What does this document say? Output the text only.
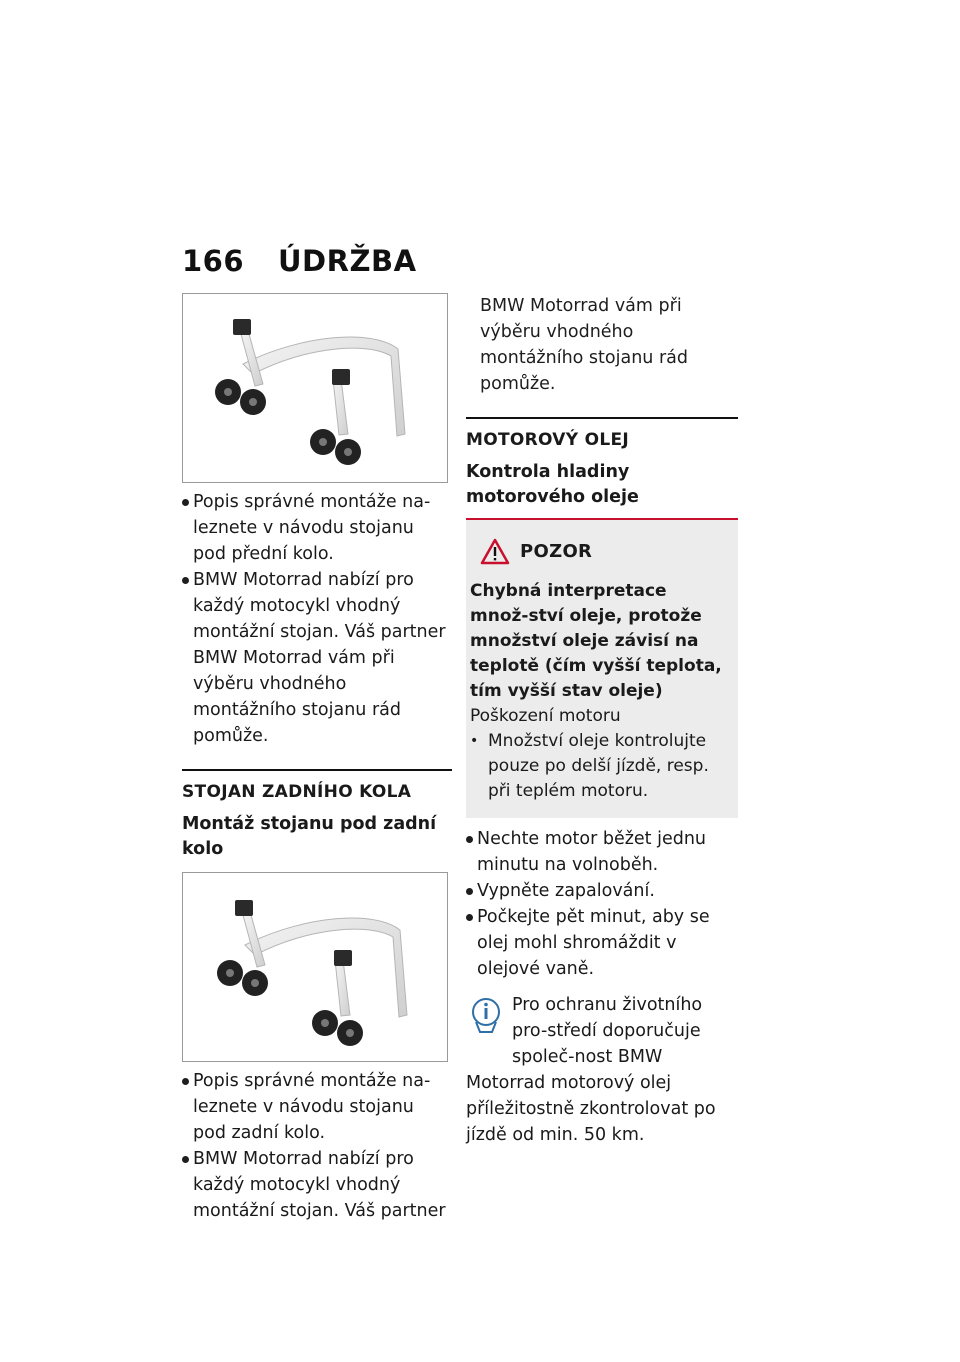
166 ÚDRŽBA
Popis správné montáže na-leznete v návodu stojanu pod přední kolo.
BMW Motorrad nabízí pro každý motocykl vhodný montážní stojan. Váš partner BMW Motorrad vám při výběru vhodného montážního stojanu rád pomůže.
STOJAN ZADNÍHO KOLA
Montáž stojanu pod zadní kolo
Popis správné montáže na-leznete v návodu stojanu pod zadní kolo.
BMW Motorrad nabízí pro každý motocykl vhodný montážní stojan. Váš partner
BMW Motorrad vám při výběru vhodného montážního stojanu rád pomůže.
MOTOROVÝ OLEJ
Kontrola hladiny motorového oleje
POZOR
Chybná interpretace množ-ství oleje, protože množství oleje závisí na teplotě (čím vyšší teplota, tím vyšší stav oleje)
Poškození motoru
• Množství oleje kontrolujte pouze po delší jízdě, resp. při teplém motoru.
Nechte motor běžet jednu minutu na volnoběh.
Vypněte zapalování.
Počkejte pět minut, aby se olej mohl shromáždit v olejové vaně.
Pro ochranu životního pro-středí doporučuje společ-nost BMW Motorrad motorový olej příležitostně zkontrolovat po jízdě od min. 50 km.
